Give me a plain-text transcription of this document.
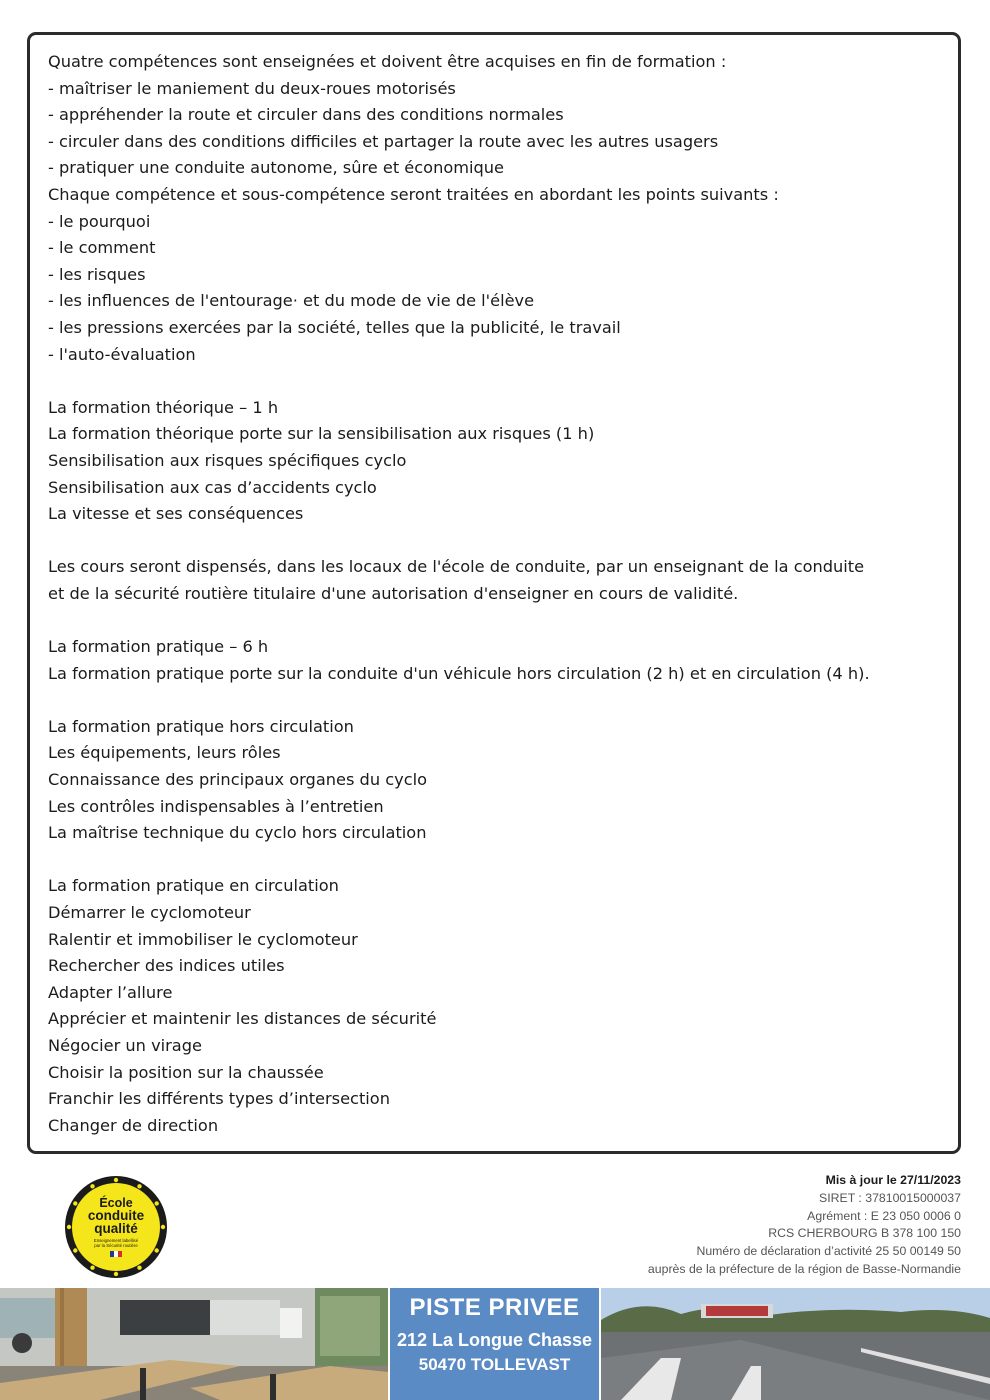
Quatre compétences sont enseignées et doivent être acquises en fin de formation :
- maîtriser le maniement du deux-roues motorisés
- appréhender la route et circuler dans des conditions normales
- circuler dans des conditions difficiles et partager la route avec les autres usagers
- pratiquer une conduite autonome, sûre et économique
Chaque compétence et sous-compétence seront traitées en abordant les points suivants :
- le pourquoi
- le comment
- les risques
- les influences de l'entourage· et du mode de vie de l'élève
- les pressions exercées par la société, telles que la publicité, le travail
- l'auto-évaluation
La formation théorique – 1 h
La formation théorique porte sur la sensibilisation aux risques (1 h)
Sensibilisation aux risques spécifiques cyclo
Sensibilisation aux cas d’accidents cyclo
La vitesse et ses conséquences
Les cours seront dispensés, dans les locaux de l'école de conduite, par un enseignant de la conduite
et de la sécurité routière titulaire d'une autorisation d'enseigner en cours de validité.
La formation pratique – 6 h
La formation pratique porte sur la conduite d'un véhicule hors circulation (2 h) et en circulation (4 h).
La formation pratique hors circulation
Les équipements, leurs rôles
Connaissance des principaux organes du cyclo
Les contrôles indispensables à l’entretien
La maîtrise technique du cyclo hors circulation
La formation pratique en circulation
Démarrer le cyclomoteur
Ralentir et immobiliser le cyclomoteur
Rechercher des indices utiles
Adapter l’allure
Apprécier et maintenir les distances de sécurité
Négocier un virage
Choisir la position sur la chaussée
Franchir les différents types d’intersection
Changer de direction
École
conduite
qualité
Enseignement labellisé
par la Sécurité routière
Mis à jour le 27/11/2023
SIRET : 37810015000037
Agrément : E 23 050 0006 0
RCS CHERBOURG B 378 100 150
Numéro de déclaration d’activité 25 50 00149 50
auprès de la préfecture de la région de Basse-Normandie
PISTE PRIVEE
212 La Longue Chasse
50470 TOLLEVAST
